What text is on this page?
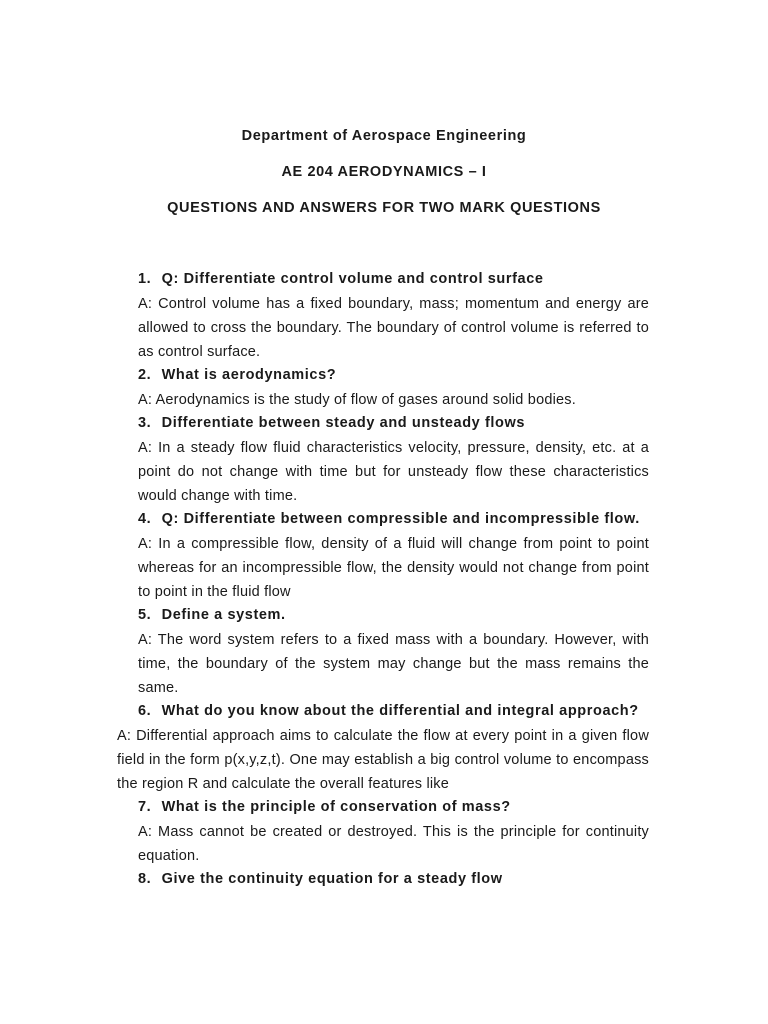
Department of Aerospace Engineering
AE 204 AERODYNAMICS – I
QUESTIONS AND ANSWERS FOR TWO MARK QUESTIONS
1. Q: Differentiate control volume and control surface
A: Control volume has a fixed boundary, mass; momentum and energy are allowed to cross the boundary. The boundary of control volume is referred to as control surface.
2. What is aerodynamics?
A: Aerodynamics is the study of flow of gases around solid bodies.
3. Differentiate between steady and unsteady flows
A: In a steady flow fluid characteristics velocity, pressure, density, etc. at a point do not change with time but for unsteady flow these characteristics would change with time.
4. Q: Differentiate between compressible and incompressible flow.
A: In a compressible flow, density of a fluid will change from point to point whereas for an incompressible flow, the density would not change from point to point in the fluid flow
5. Define a system.
A: The word system refers to a fixed mass with a boundary. However, with time, the boundary of the system may change but the mass remains the same.
6. What do you know about the differential and integral approach?
A: Differential approach aims to calculate the flow at every point in a given flow field in the form p(x,y,z,t). One may establish a big control volume to encompass the region R and calculate the overall features like
7. What is the principle of conservation of mass?
A: Mass cannot be created or destroyed. This is the principle for continuity equation.
8. Give the continuity equation for a steady flow
